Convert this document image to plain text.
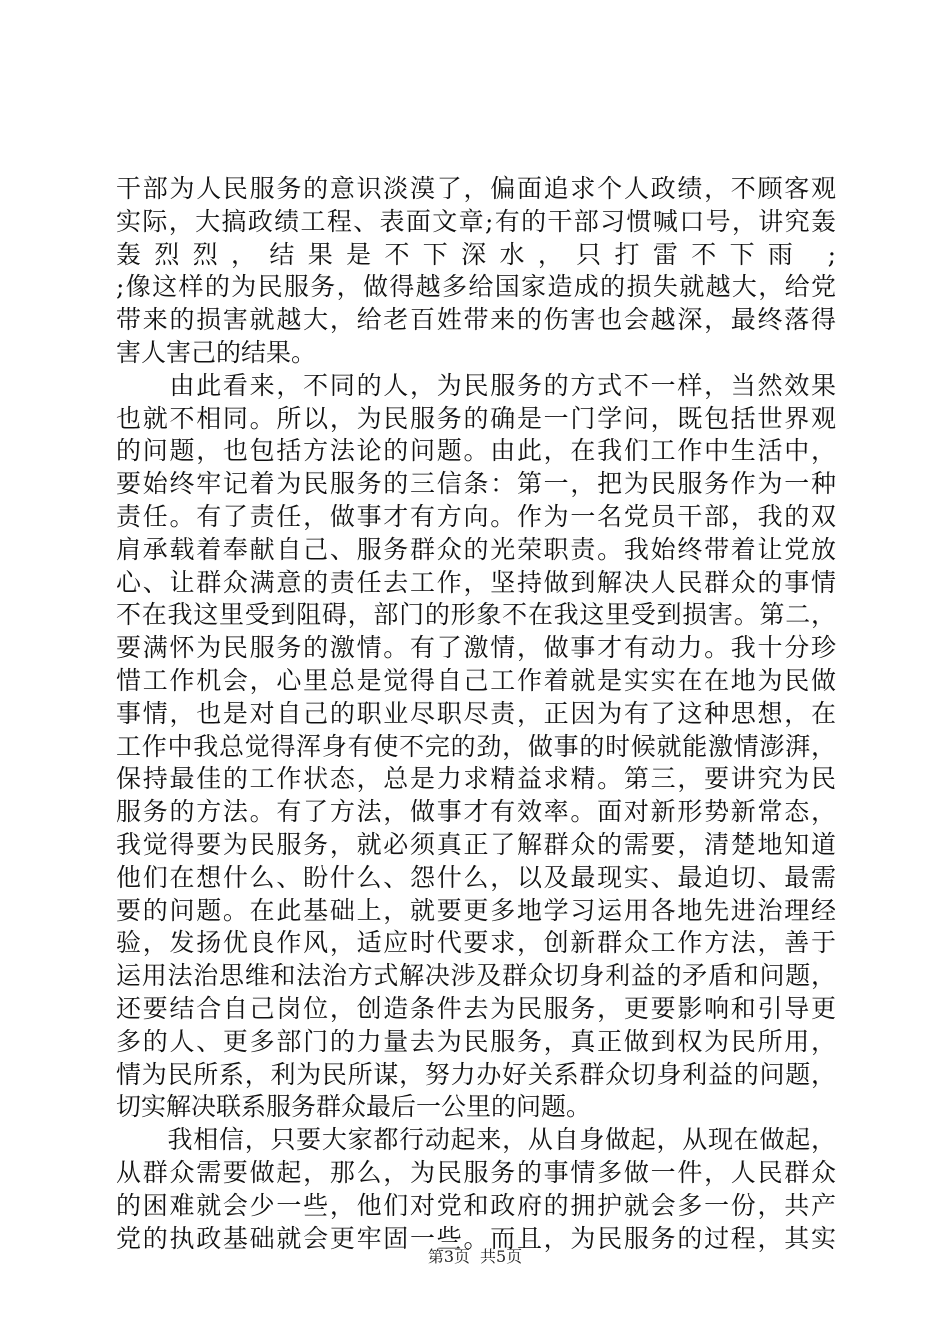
干部为人民服务的意识淡漠了，偏面追求个人政绩，不顾客观
实际，大搞政绩工程、表面文章;有的干部习惯喊口号，讲究轰
轰烈烈，结果是不下深水，只打雷不下雨 ;
;像这样的为民服务，做得越多给国家造成的损失就越大，给党
带来的损害就越大，给老百姓带来的伤害也会越深，最终落得
害人害己的结果。
　　由此看来，不同的人，为民服务的方式不一样，当然效果
也就不相同。所以，为民服务的确是一门学问，既包括世界观
的问题，也包括方法论的问题。由此，在我们工作中生活中，
要始终牢记着为民服务的三信条：第一，把为民服务作为一种
责任。有了责任，做事才有方向。作为一名党员干部，我的双
肩承载着奉献自己、服务群众的光荣职责。我始终带着让党放
心、让群众满意的责任去工作，坚持做到解决人民群众的事情
不在我这里受到阻碍，部门的形象不在我这里受到损害。第二，
要满怀为民服务的激情。有了激情，做事才有动力。我十分珍
惜工作机会，心里总是觉得自己工作着就是实实在在地为民做
事情，也是对自己的职业尽职尽责，正因为有了这种思想，在
工作中我总觉得浑身有使不完的劲，做事的时候就能激情澎湃，
保持最佳的工作状态，总是力求精益求精。第三，要讲究为民
服务的方法。有了方法，做事才有效率。面对新形势新常态，
我觉得要为民服务，就必须真正了解群众的需要，清楚地知道
他们在想什么、盼什么、怨什么，以及最现实、最迫切、最需
要的问题。在此基础上，就要更多地学习运用各地先进治理经
验，发扬优良作风，适应时代要求，创新群众工作方法，善于
运用法治思维和法治方式解决涉及群众切身利益的矛盾和问题，
还要结合自己岗位，创造条件去为民服务，更要影响和引导更
多的人、更多部门的力量去为民服务，真正做到权为民所用，
情为民所系，利为民所谋，努力办好关系群众切身利益的问题，
切实解决联系服务群众最后一公里的问题。
　　我相信，只要大家都行动起来，从自身做起，从现在做起，
从群众需要做起，那么，为民服务的事情多做一件，人民群众
的困难就会少一些，他们对党和政府的拥护就会多一份，共产
党的执政基础就会更牢固一些。而且，为民服务的过程，其实
第3页 共5页
